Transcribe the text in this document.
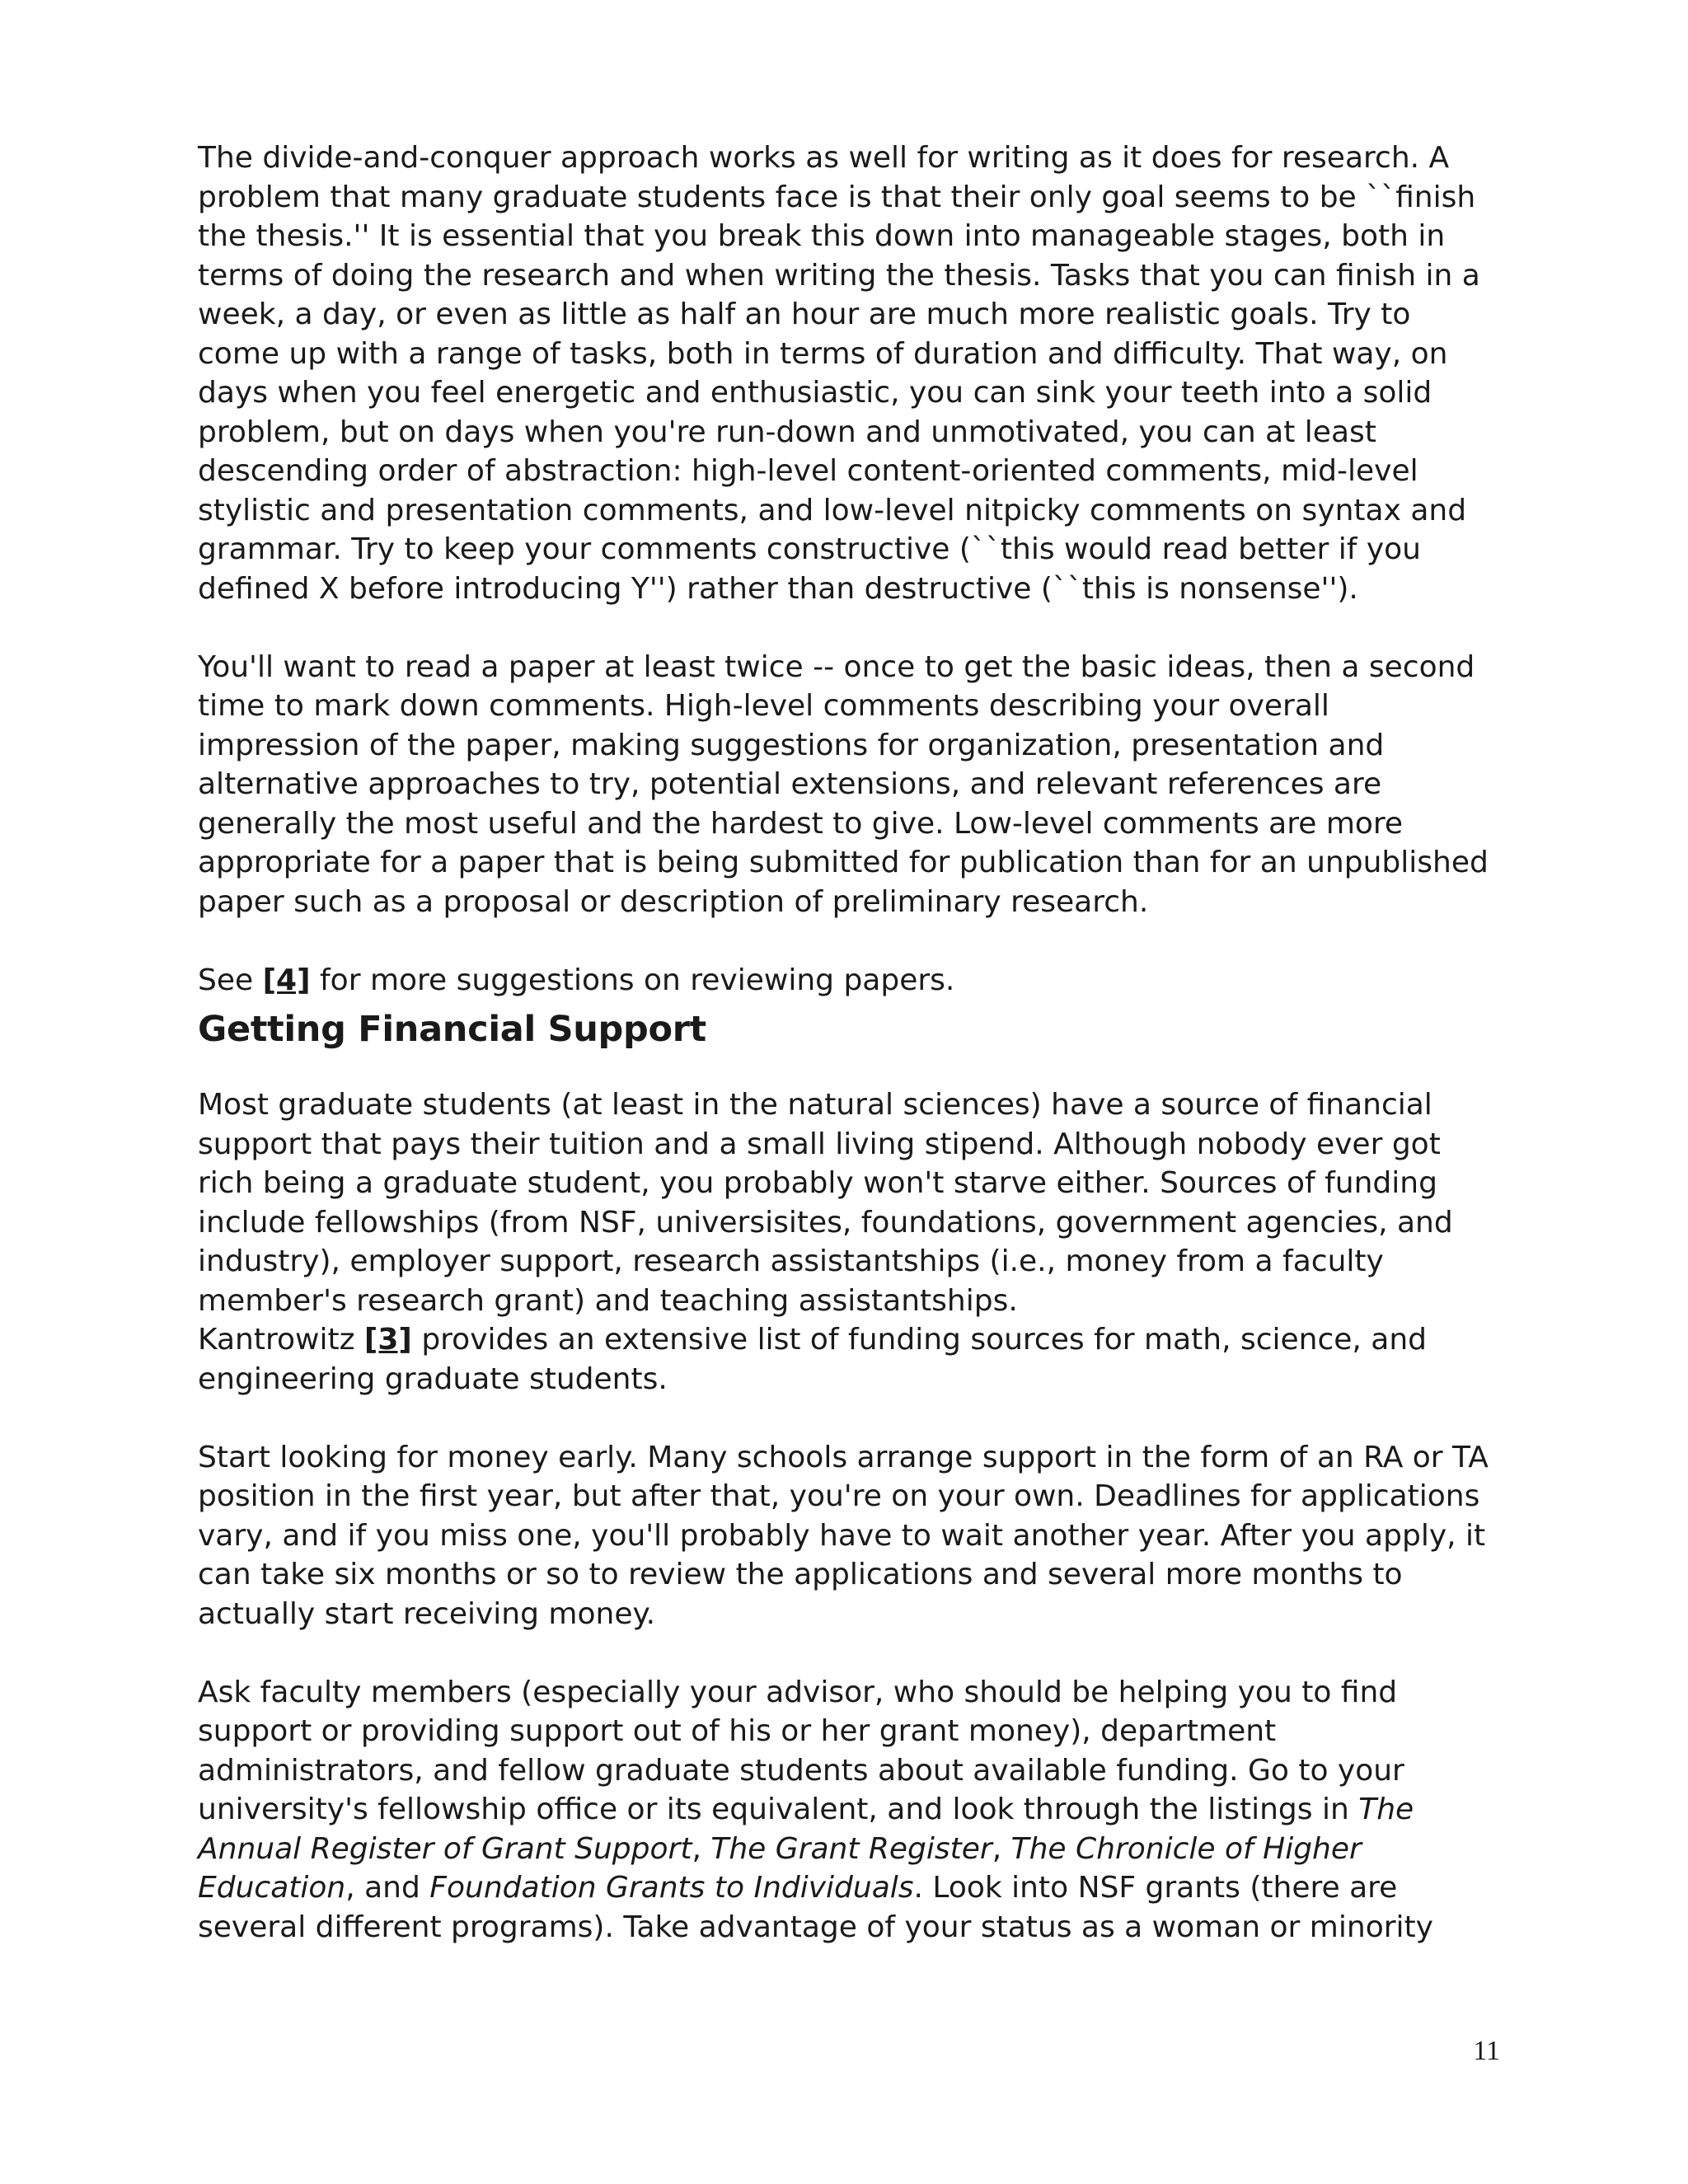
The divide-and-conquer approach works as well for writing as it does for research. A problem that many graduate students face is that their only goal seems to be ``finish the thesis.'' It is essential that you break this down into manageable stages, both in terms of doing the research and when writing the thesis. Tasks that you can finish in a week, a day, or even as little as half an hour are much more realistic goals. Try to come up with a range of tasks, both in terms of duration and difficulty. That way, on days when you feel energetic and enthusiastic, you can sink your teeth into a solid problem, but on days when you're run-down and unmotivated, you can at least descending order of abstraction: high-level content-oriented comments, mid-level stylistic and presentation comments, and low-level nitpicky comments on syntax and grammar. Try to keep your comments constructive (``this would read better if you defined X before introducing Y'') rather than destructive (``this is nonsense'').

You'll want to read a paper at least twice -- once to get the basic ideas, then a second time to mark down comments. High-level comments describing your overall impression of the paper, making suggestions for organization, presentation and alternative approaches to try, potential extensions, and relevant references are generally the most useful and the hardest to give. Low-level comments are more appropriate for a paper that is being submitted for publication than for an unpublished paper such as a proposal or description of preliminary research.

See [4] for more suggestions on reviewing papers.

Getting Financial Support

Most graduate students (at least in the natural sciences) have a source of financial support that pays their tuition and a small living stipend. Although nobody ever got rich being a graduate student, you probably won't starve either. Sources of funding include fellowships (from NSF, universisites, foundations, government agencies, and industry), employer support, research assistantships (i.e., money from a faculty member's research grant) and teaching assistantships.

Kantrowitz [3] provides an extensive list of funding sources for math, science, and engineering graduate students.

Start looking for money early. Many schools arrange support in the form of an RA or TA position in the first year, but after that, you're on your own. Deadlines for applications vary, and if you miss one, you'll probably have to wait another year. After you apply, it can take six months or so to review the applications and several more months to actually start receiving money.

Ask faculty members (especially your advisor, who should be helping you to find support or providing support out of his or her grant money), department administrators, and fellow graduate students about available funding. Go to your university's fellowship office or its equivalent, and look through the listings in The Annual Register of Grant Support, The Grant Register, The Chronicle of Higher Education, and Foundation Grants to Individuals. Look into NSF grants (there are several different programs). Take advantage of your status as a woman or minority

11
